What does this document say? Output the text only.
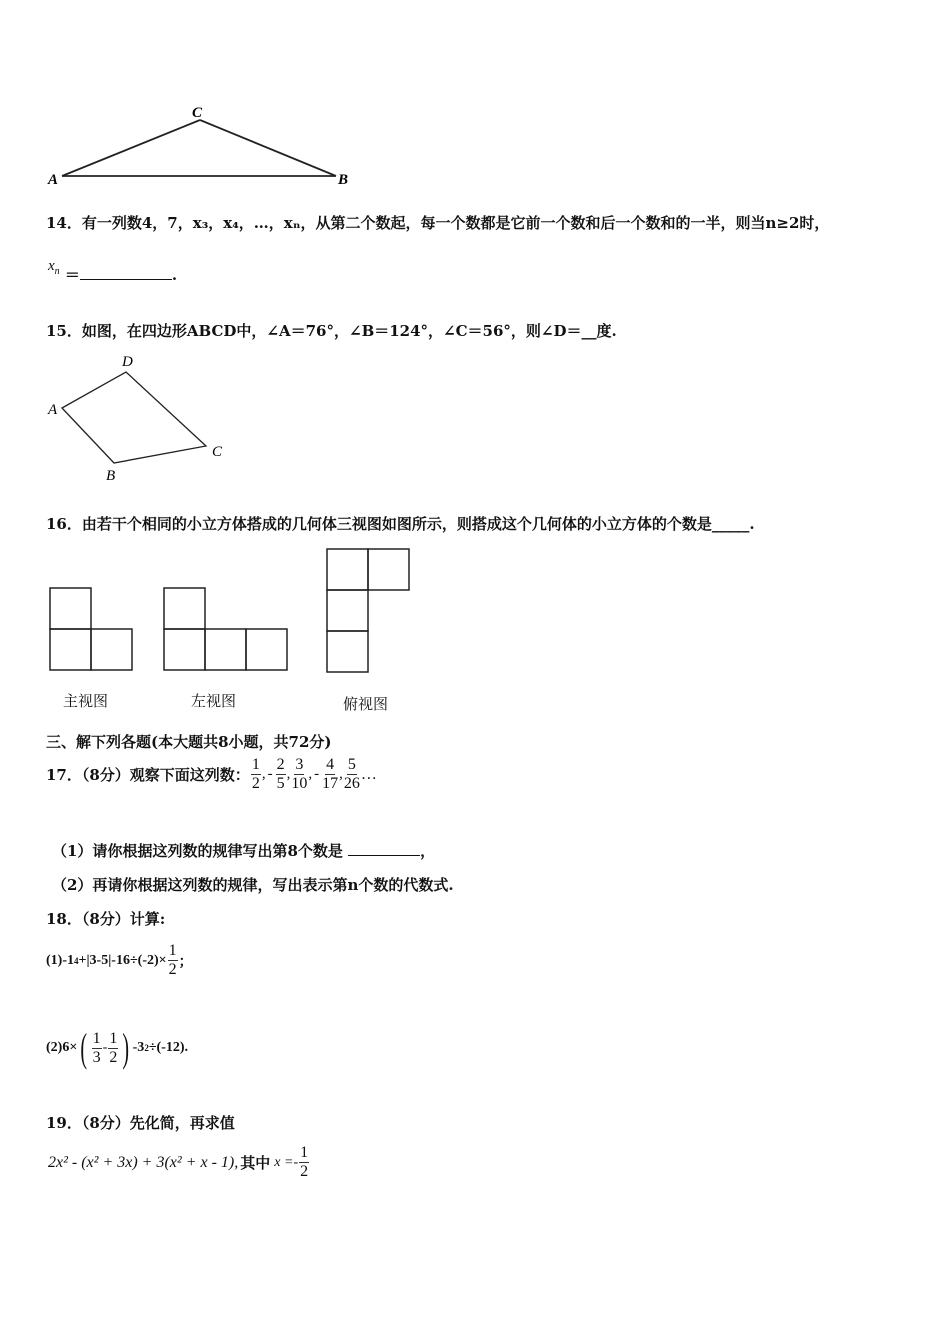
C
A	B
14．有一列数4，7，x₃，x₄，…，xₙ，从第二个数起，每一个数都是它前一个数和后一个数和的一半，则当n≥2时，
$x_n$ ＝	.
15．如图，在四边形ABCD中，∠A＝76°，∠B＝124°，∠C＝56°，则∠D＝__度.
D
A
C
B
16．由若干个相同的小立方体搭成的几何体三视图如图所示，则搭成这个几何体的小立方体的个数是_____.
主视图	左视图	俯视图
三、解下列各题(本大题共8小题，共72分)
17．（8分）观察下面这列数： $\frac{1}{2}$ , - $\frac{2}{5}$ , $\frac{3}{10}$ , - $\frac{4}{17}$ , $\frac{5}{26}$ …
（1）请你根据这列数的规律写出第8个数是	，
（2）再请你根据这列数的规律，写出表示第n个数的代数式.
18．（8分）计算:
(1)-1 $4 +|3-5|-16\div(-2)\times \frac{1}{2}$ ；
(2)6× ( $\frac{1}{3} - \frac{1}{2}$ ) -3 2 ÷(-12).
19．（8分）先化简，再求值
2x² - (x² + 3x) + 3(x² + x - 1), 其中 $x =- \frac{1}{2}$
